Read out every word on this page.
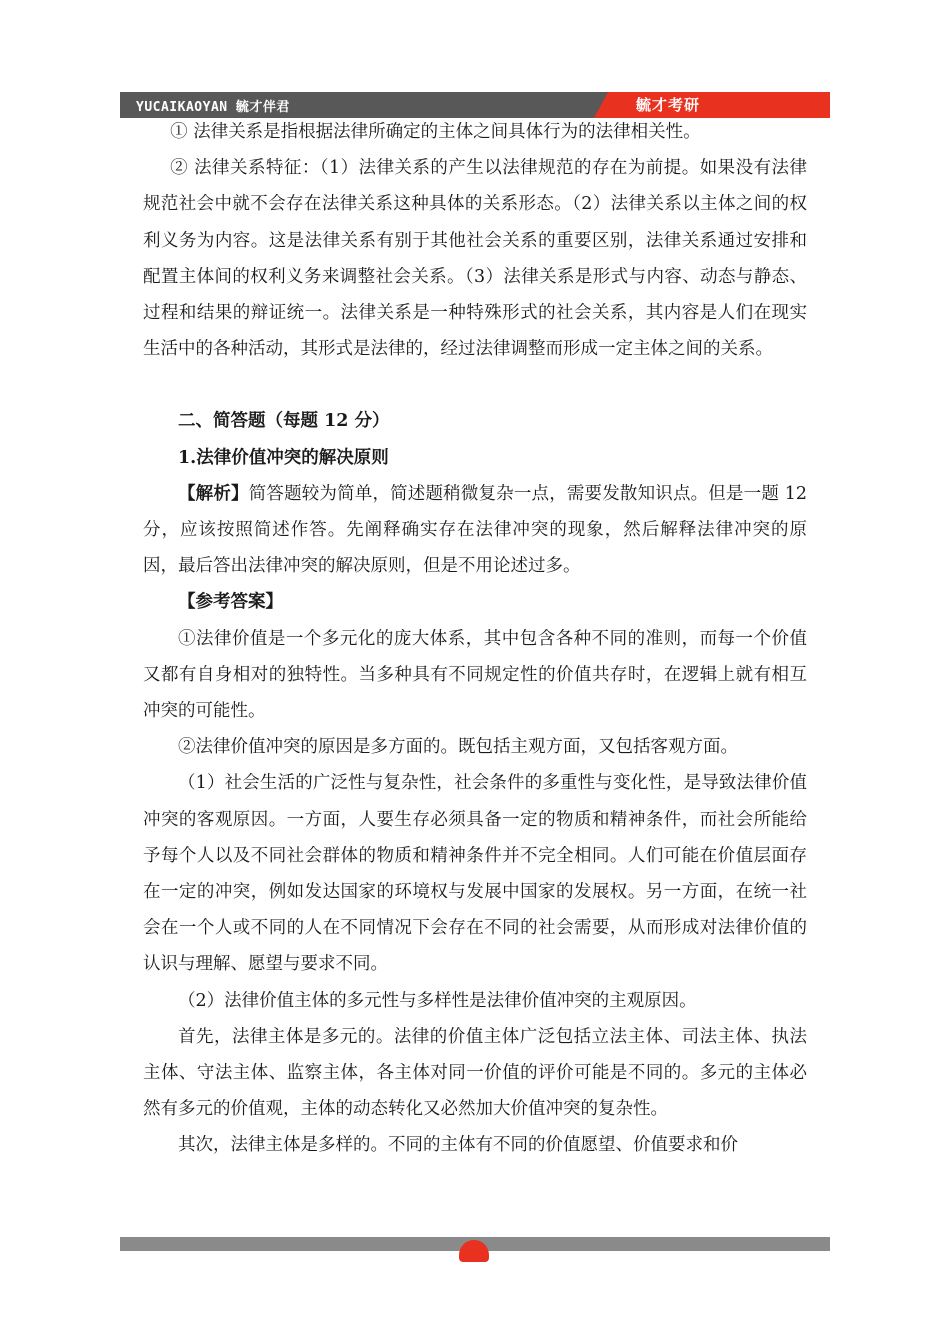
YUCAIKAOYAN 毓才伴君	毓才考研

① 法律关系是指根据法律所确定的主体之间具体行为的法律相关性。

② 法律关系特征：（1）法律关系的产生以法律规范的存在为前提。如果没有法律规范社会中就不会存在法律关系这种具体的关系形态。（2）法律关系以主体之间的权利义务为内容。这是法律关系有别于其他社会关系的重要区别，法律关系通过安排和配置主体间的权利义务来调整社会关系。（3）法律关系是形式与内容、动态与静态、过程和结果的辩证统一。法律关系是一种特殊形式的社会关系，其内容是人们在现实生活中的各种活动，其形式是法律的，经过法律调整而形成一定主体之间的关系。

二、简答题（每题 12 分）

1.法律价值冲突的解决原则

【解析】简答题较为简单，简述题稍微复杂一点，需要发散知识点。但是一题 12 分，应该按照简述作答。先阐释确实存在法律冲突的现象，然后解释法律冲突的原因，最后答出法律冲突的解决原则，但是不用论述过多。

【参考答案】

①法律价值是一个多元化的庞大体系，其中包含各种不同的准则，而每一个价值又都有自身相对的独特性。当多种具有不同规定性的价值共存时，在逻辑上就有相互冲突的可能性。

②法律价值冲突的原因是多方面的。既包括主观方面，又包括客观方面。

（1）社会生活的广泛性与复杂性，社会条件的多重性与变化性，是导致法律价值冲突的客观原因。一方面，人要生存必须具备一定的物质和精神条件，而社会所能给予每个人以及不同社会群体的物质和精神条件并不完全相同。人们可能在价值层面存在一定的冲突，例如发达国家的环境权与发展中国家的发展权。另一方面，在统一社会在一个人或不同的人在不同情况下会存在不同的社会需要，从而形成对法律价值的认识与理解、愿望与要求不同。

（2）法律价值主体的多元性与多样性是法律价值冲突的主观原因。

首先，法律主体是多元的。法律的价值主体广泛包括立法主体、司法主体、执法主体、守法主体、监察主体，各主体对同一价值的评价可能是不同的。多元的主体必然有多元的价值观，主体的动态转化又必然加大价值冲突的复杂性。

其次，法律主体是多样的。不同的主体有不同的价值愿望、价值要求和价
